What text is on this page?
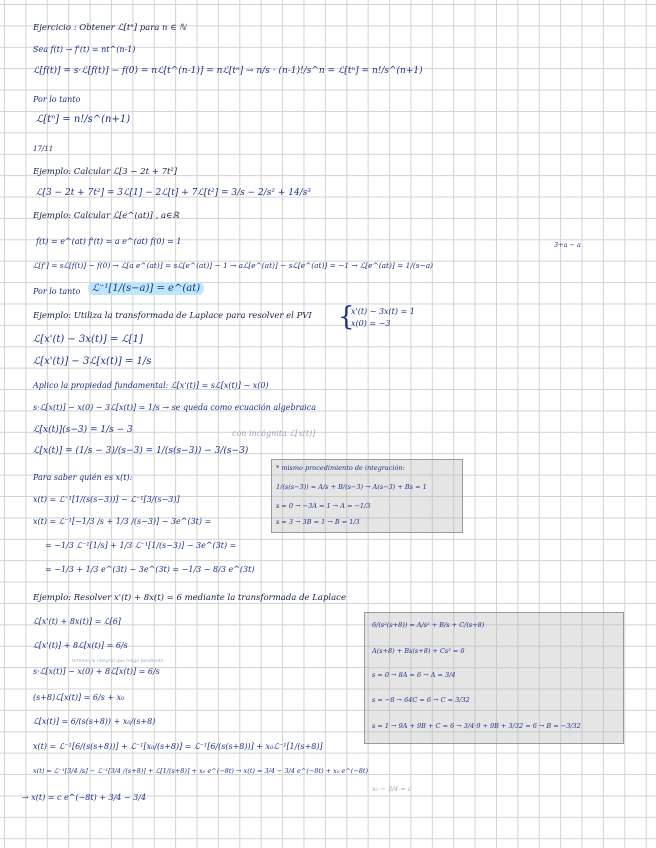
Ejercicio : Obtener ℒ[tⁿ] para n ∈ ℕ
Sea f(t) → f'(t) = nt^(n-1)
ℒ[f(t)] = s·ℒ[f(t)] − f(0) = nℒ[t^(n-1)] = nℒ[tⁿ] → n/s · (n-1)!/s^n = ℒ[tⁿ] = n!/s^(n+1)
Por lo tanto
ℒ[tⁿ] = n!/s^(n+1)
17/11
Ejemplo: Calcular ℒ[3 − 2t + 7t²]
ℒ[3 − 2t + 7t²] = 3ℒ[1] − 2ℒ[t] + 7ℒ[t²] = 3/s − 2/s² + 14/s³
Ejemplo: Calcular ℒ[e^(at)] , a∈ℝ
f(t) = e^(at) f'(t) = a e^(at) f(0) = 1	3+a − a
ℒ[f'] = sℒ[f(t)] − f(0) → ℒ[a e^(at)] = sℒ[e^(at)] − 1 → aℒ[e^(at)] − sℒ[e^(at)] = −1 → ℒ[e^(at)] = 1/(s−a)
Por lo tanto	ℒ⁻¹[1/(s−a)] = e^(at)
Ejemplo: Utiliza la transformada de Laplace para resolver el PVI {
x'(t) − 3x(t) = 1
x(0) = −3
ℒ[x'(t) − 3x(t)] = ℒ[1]
ℒ[x'(t)] − 3ℒ[x(t)] = 1/s
Aplico la propiedad fundamental: ℒ[x'(t)] = sℒ[x(t)] − x(0)
s·ℒ[x(t)] − x(0) − 3ℒ[x(t)] = 1/s → se queda como ecuación algebraica
ℒ[x(t)](s−3) = 1/s − 3	con incógnita ℒ[x(t)]
ℒ[x(t)] = (1/s − 3)/(s−3) = 1/(s(s−3)) − 3/(s−3)
* mismo procedimiento de integración:
1/(s(s−3)) = A/s + B/(s−3) → A(s−3) + Bs = 1
s = 0 → −3A = 1 → A = −1/3
s = 3 → 3B = 1 → B = 1/3
Para saber quién es x(t):
x(t) = ℒ⁻¹[1/(s(s−3))] − ℒ⁻¹[3/(s−3)]
x(t) = ℒ⁻¹[−1/3 /s + 1/3 /(s−3)] − 3e^(3t) =
= −1/3 ℒ⁻¹[1/s] + 1/3 ℒ⁻¹[1/(s−3)] − 3e^(3t) =
= −1/3 + 1/3 e^(3t) − 3e^(3t) = −1/3 − 8/3 e^(3t)
Ejemplo: Resolver x'(t) + 8x(t) = 6 mediante la transformada de Laplace
6/(s²(s+8)) = A/s² + B/s + C/(s+8)
A(s+8) + Bs(s+8) + Cs² = 6
s = 0 → 8A = 6 → A = 3/4
s = −8 → 64C = 6 → C = 3/32
s = 1 → 9A + 9B + C = 6 → 3/4·9 + 9B + 3/32 = 6 → B = −3/32
ℒ[x'(t) + 8x(t)] = ℒ[6]
ℒ[x'(t)] + 8ℒ[x(t)] = 6/s
termino la integral que tengo pendiente
s·ℒ[x(t)] − x(0) + 8ℒ[x(t)] = 6/s
(s+8)ℒ[x(t)] = 6/s + x₀
ℒ[x(t)] = 6/(s(s+8)) + x₀/(s+8)
x(t) = ℒ⁻¹[6/(s(s+8))] + ℒ⁻¹[x₀/(s+8)] = ℒ⁻¹[6/(s(s+8))] + x₀ℒ⁻¹[1/(s+8)]
x(t) = ℒ⁻¹[3/4 /s] − ℒ⁻¹[3/4 /(s+8)] + ℒ[1/(s+8)] + x₀ e^(−8t) → x(t) = 3/4 − 3/4 e^(−8t) + x₀ e^(−8t)
x₀ − 3/4 = c
→ x(t) = c e^(−8t) + 3/4 − 3/4
